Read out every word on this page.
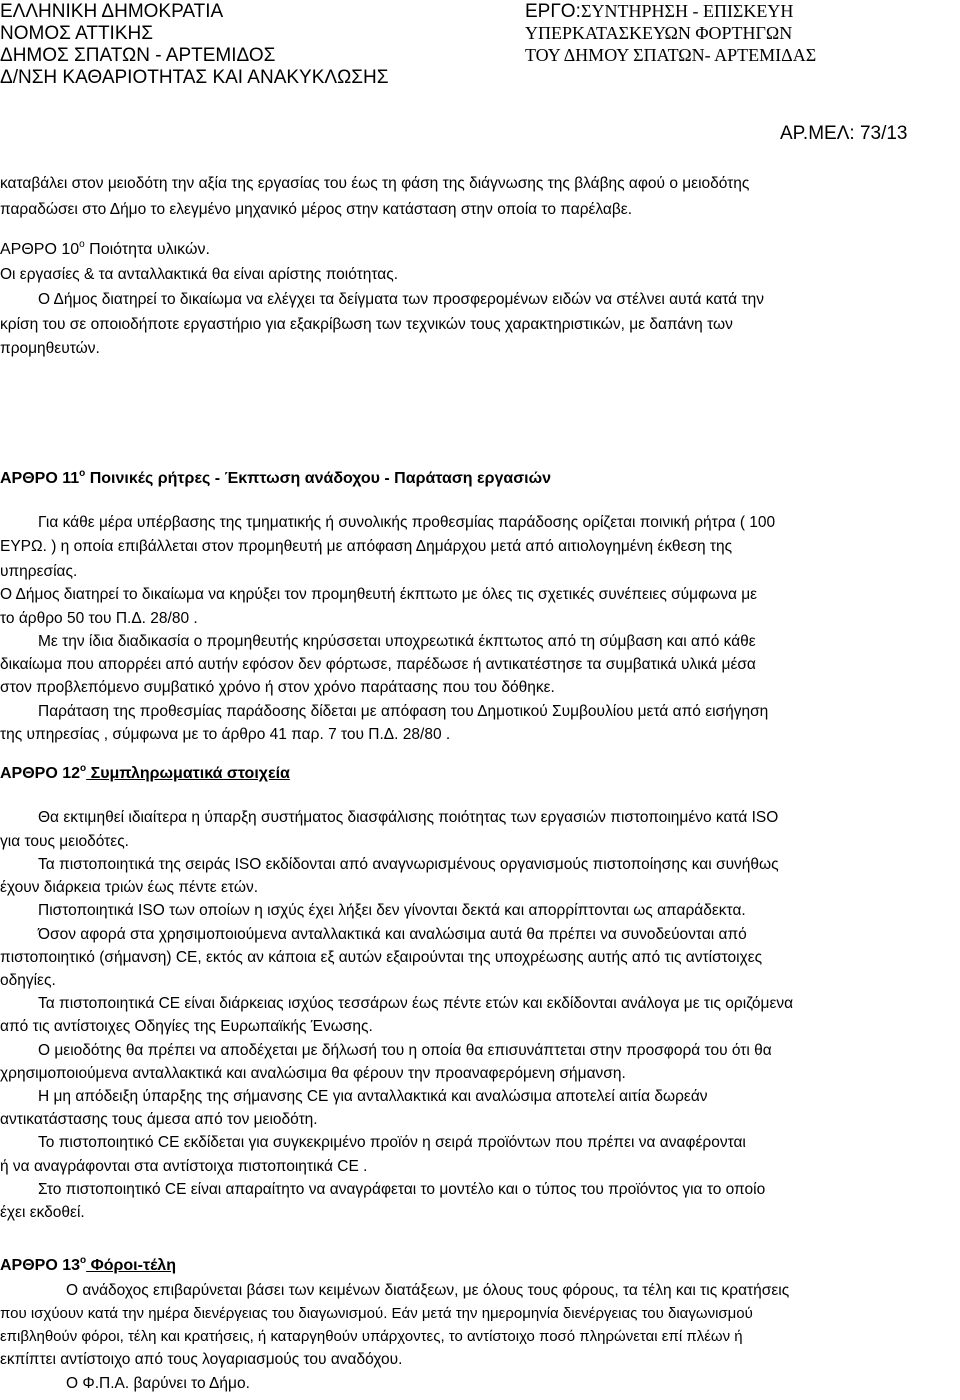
ΕΛΛΗΝΙΚΗ ΔΗΜΟΚΡΑΤΙΑ
ΝΟΜΟΣ ΑΤΤΙΚΗΣ
ΔΗΜΟΣ ΣΠΑΤΩΝ - ΑΡΤΕΜΙΔΟΣ
Δ/ΝΣΗ ΚΑΘΑΡΙΟΤΗΤΑΣ ΚΑΙ ΑΝΑΚΥΚΛΩΣΗΣ
ΕΡΓΟ: ΣΥΝΤΗΡΗΣΗ - ΕΠΙΣΚΕΥΗ
ΥΠΕΡΚΑΤΑΣΚΕΥΩΝ ΦΟΡΤΗΓΩΝ
ΤΟΥ ΔΗΜΟΥ ΣΠΑΤΩΝ- ΑΡΤΕΜΙΔΑΣ
ΑΡ.ΜΕΛ: 73/13
καταβάλει στον μειοδότη την αξία της εργασίας του έως τη φάση της διάγνωσης της βλάβης αφού ο μειοδότης
παραδώσει στο Δήμο το ελεγμένο μηχανικό μέρος στην κατάσταση στην οποία το παρέλαβε.
ΑΡΘΡΟ $10^o$ Ποιότητα υλικών.
Οι εργασίες & τα ανταλλακτικά θα είναι αρίστης ποιότητας.
Ο Δήμος διατηρεί το δικαίωμα να ελέγχει τα δείγματα των προσφερομένων ειδών να στέλνει αυτά κατά την
κρίση του σε οποιοδήποτε εργαστήριο για εξακρίβωση των τεχνικών τους χαρακτηριστικών, με δαπάνη των
προμηθευτών.
ΑΡΘΡΟ $11^o$ Ποινικές ρήτρες - Έκπτωση ανάδοχου - Παράταση εργασιών
Για κάθε μέρα υπέρβασης της τμηματικής ή συνολικής προθεσμίας παράδοσης ορίζεται ποινική ρήτρα ( 100
ΕΥΡΩ. ) η οποία επιβάλλεται στον προμηθευτή με απόφαση Δημάρχου μετά από αιτιολογημένη έκθεση της
υπηρεσίας.
Ο Δήμος διατηρεί το δικαίωμα να κηρύξει τον προμηθευτή έκπτωτο με όλες τις σχετικές συνέπειες σύμφωνα με
το άρθρο 50 του Π.Δ. 28/80 .
Με την ίδια διαδικασία ο προμηθευτής κηρύσσεται υποχρεωτικά έκπτωτος από τη σύμβαση και από κάθε
δικαίωμα που απορρέει από αυτήν εφόσον δεν φόρτωσε, παρέδωσε ή αντικατέστησε τα συμβατικά υλικά μέσα
στον προβλεπόμενο συμβατικό χρόνο ή στον χρόνο παράτασης που του δόθηκε.
Παράταση της προθεσμίας παράδοσης δίδεται με απόφαση του Δημοτικού Συμβουλίου μετά από εισήγηση
της υπηρεσίας , σύμφωνα με το άρθρο 41 παρ. 7 του Π.Δ. 28/80 .
ΑΡΘΡΟ $12^o$ Συμπληρωματικά στοιχεία
Θα εκτιμηθεί ιδιαίτερα η ύπαρξη συστήματος διασφάλισης ποιότητας των εργασιών πιστοποιημένο κατά ISO
για τους μειοδότες.
Τα πιστοποιητικά της σειράς ISO εκδίδονται από αναγνωρισμένους οργανισμούς πιστοποίησης και συνήθως
έχουν διάρκεια τριών έως πέντε ετών.
Πιστοποιητικά ISO των οποίων η ισχύς έχει λήξει δεν γίνονται δεκτά και απορρίπτονται ως απαράδεκτα.
Όσον αφορά στα χρησιμοποιούμενα ανταλλακτικά και αναλώσιμα αυτά θα πρέπει να συνοδεύονται από
πιστοποιητικό (σήμανση) CE, εκτός αν κάποια εξ αυτών εξαιρούνται της υποχρέωσης αυτής από τις αντίστοιχες
οδηγίες.
Τα πιστοποιητικά CE είναι διάρκειας ισχύος τεσσάρων έως πέντε ετών και εκδίδονται ανάλογα με τις οριζόμενα
από τις αντίστοιχες Οδηγίες της Ευρωπαϊκής Ένωσης.
Ο μειοδότης θα πρέπει να αποδέχεται με δήλωσή του η οποία θα επισυνάπτεται στην προσφορά του ότι θα
χρησιμοποιούμενα ανταλλακτικά και αναλώσιμα θα φέρουν την προαναφερόμενη σήμανση.
Η μη απόδειξη ύπαρξης της σήμανσης CE για ανταλλακτικά και αναλώσιμα αποτελεί αιτία δωρεάν
αντικατάστασης τους άμεσα από τον μειοδότη.
Το πιστοποιητικό CE εκδίδεται για συγκεκριμένο προϊόν η σειρά προϊόντων που πρέπει να αναφέρονται
ή να αναγράφονται στα αντίστοιχα πιστοποιητικά CE .
Στο πιστοποιητικό CE είναι απαραίτητο να αναγράφεται το μοντέλο και ο τύπος του προϊόντος για το οποίο
έχει εκδοθεί.
ΑΡΘΡΟ $13^o$ Φόροι-τέλη
Ο ανάδοχος επιβαρύνεται βάσει των κειμένων διατάξεων, με όλους τους φόρους, τα τέλη και τις κρατήσεις
που ισχύουν κατά την ημέρα διενέργειας του διαγωνισμού. Εάν μετά την ημερομηνία διενέργειας του διαγωνισμού
επιβληθούν φόροι, τέλη και κρατήσεις, ή καταργηθούν υπάρχοντες, το αντίστοιχο ποσό πληρώνεται επί πλέων ή
εκπίπτει αντίστοιχο από τους λογαριασμούς του αναδόχου.
Ο Φ.Π.Α. βαρύνει το Δήμο.
